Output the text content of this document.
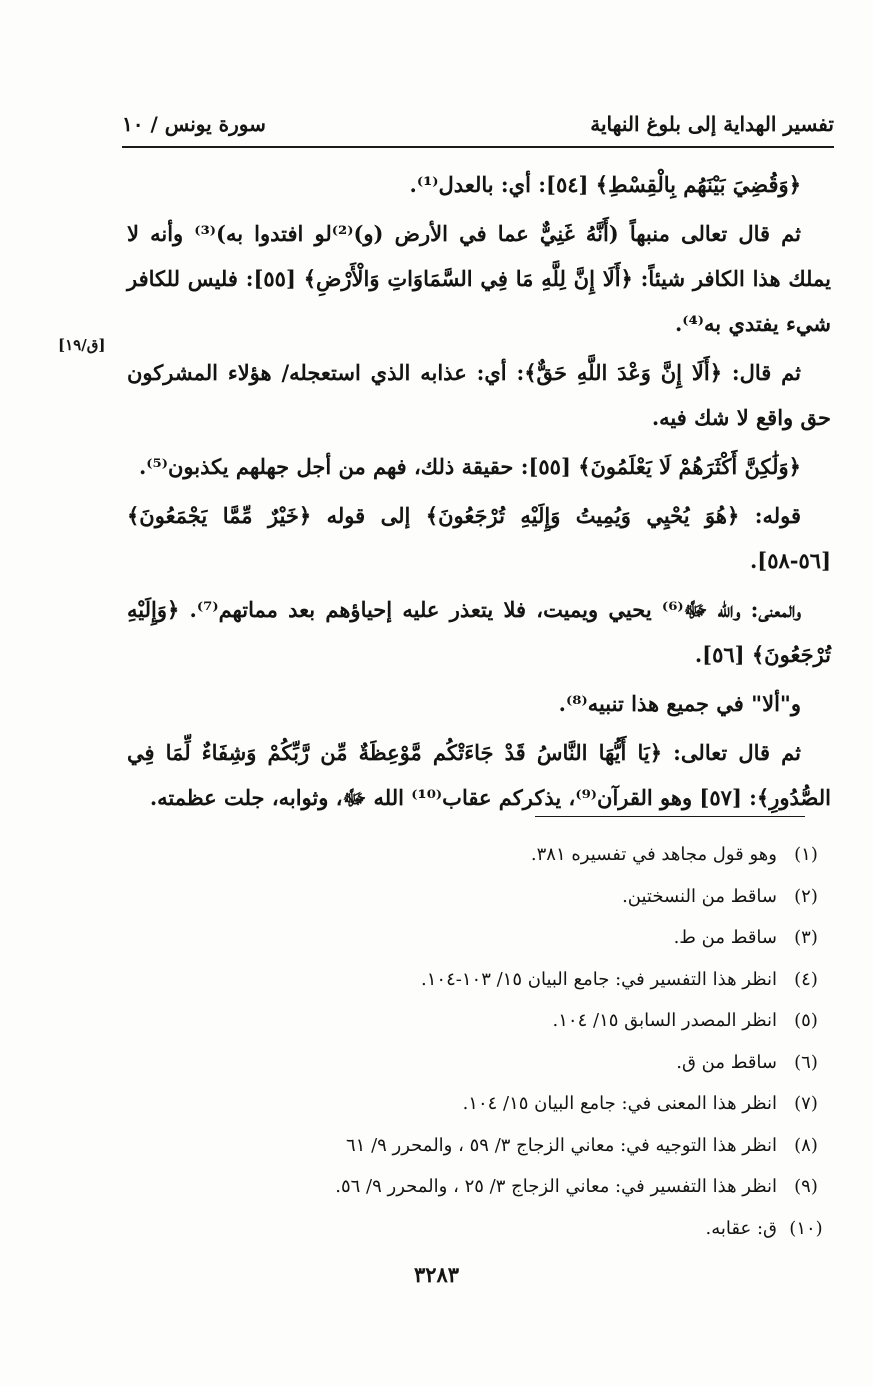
تفسير الهداية إلى بلوغ النهاية
سورة يونس / ١٠
[ق/١٩]

﴿وَقُضِيَ بَيْنَهُم بِالْقِسْطِ﴾ [٥٤]: أي: بالعدل⁽¹⁾.

ثم قال تعالى منبهاً (أَنَّهُ غَنِيٌّ عما في الأرض (و)⁽²⁾لو افتدوا به)⁽³⁾ وأنه لا يملك هذا الكافر شيئاً: ﴿أَلَا إِنَّ لِلَّهِ مَا فِي السَّمَاوَاتِ وَالْأَرْضِ﴾ [٥٥]: فليس للكافر شيء يفتدي به⁽⁴⁾.

ثم قال: ﴿أَلَا إِنَّ وَعْدَ اللَّهِ حَقٌّ﴾: أي: عذابه الذي استعجله/ هؤلاء المشركون حق واقع لا شك فيه.

﴿وَلَٰكِنَّ أَكْثَرَهُمْ لَا يَعْلَمُونَ﴾ [٥٥]: حقيقة ذلك، فهم من أجل جهلهم يكذبون⁽⁵⁾.

قوله: ﴿هُوَ يُحْيِي وَيُمِيتُ وَإِلَيْهِ تُرْجَعُونَ﴾ إلى قوله ﴿خَيْرٌ مِّمَّا يَجْمَعُونَ﴾ [٥٦-٥٨].

والمعنى: والله ﷻ⁽⁶⁾ يحيي ويميت، فلا يتعذر عليه إحياؤهم بعد مماتهم⁽⁷⁾. ﴿وَإِلَيْهِ تُرْجَعُونَ﴾ [٥٦].

و"ألا" في جميع هذا تنبيه⁽⁸⁾.

ثم قال تعالى: ﴿يَا أَيُّهَا النَّاسُ قَدْ جَاءَتْكُم مَّوْعِظَةٌ مِّن رَّبِّكُمْ وَشِفَاءٌ لِّمَا فِي الصُّدُورِ﴾: [٥٧] وهو القرآن⁽⁹⁾، يذكركم عقاب⁽¹⁰⁾ الله ﷻ، وثوابه، جلت عظمته.

(١)
وهو قول مجاهد في تفسيره ٣٨١.
(٢)
ساقط من النسختين.
(٣)
ساقط من ط.
(٤)
انظر هذا التفسير في: جامع البيان ١٥/ ١٠٣-١٠٤.
(٥)
انظر المصدر السابق ١٥/ ١٠٤.
(٦)
ساقط من ق.
(٧)
انظر هذا المعنى في: جامع البيان ١٥/ ١٠٤.
(٨)
انظر هذا التوجيه في: معاني الزجاج ٣/ ٥٩ ، والمحرر ٩/ ٦١
(٩)
انظر هذا التفسير في: معاني الزجاج ٣/ ٢٥ ، والمحرر ٩/ ٥٦.
(١٠)
ق: عقابه.
٣٢٨٣
